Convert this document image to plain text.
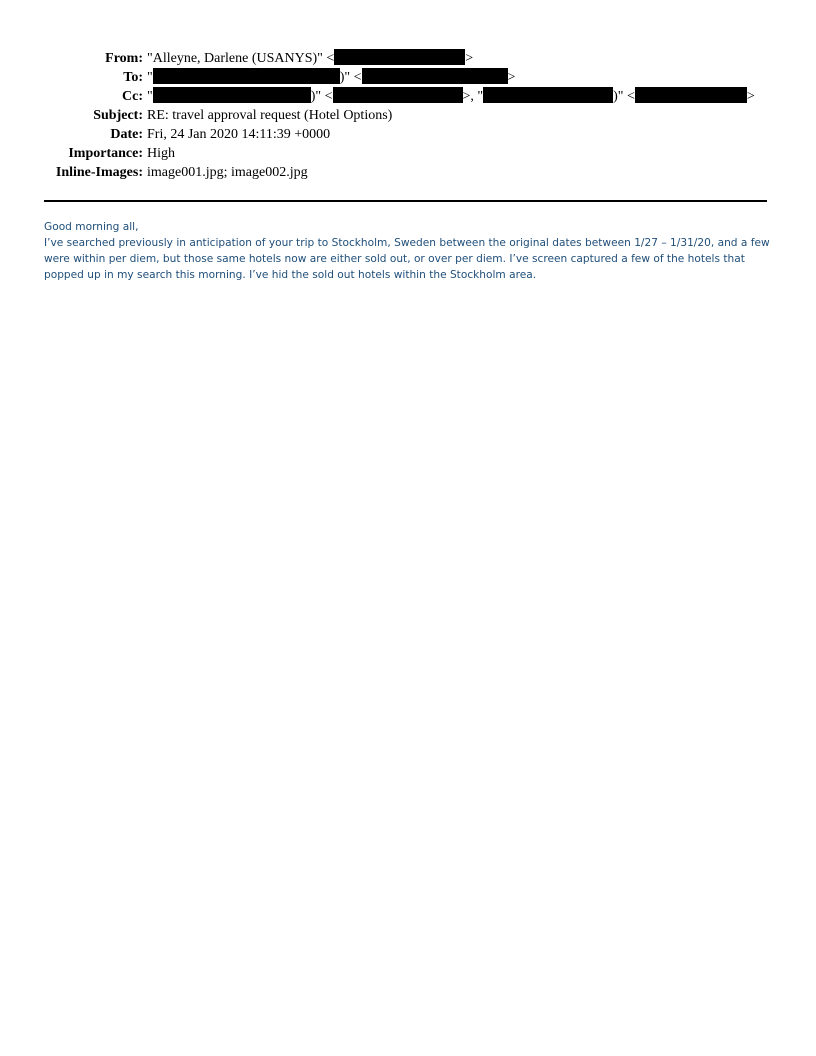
From: "Alleyne, Darlene (USANYS)" <	>
To: "	)" <	>
Cc: "	)" <	>, "	)" <	>
Subject: RE: travel approval request (Hotel Options)
Date: Fri, 24 Jan 2020 14:11:39 +0000
Importance: High
Inline-Images: image001.jpg; image002.jpg

Good morning all,

I’ve searched previously in anticipation of your trip to Stockholm, Sweden between the original dates between 1/27 – 1/31/20, and a few were within per diem, but those same hotels now are either sold out, or over per diem. I’ve screen captured a few of the hotels that popped up in my search this morning. I’ve hid the sold out hotels within the Stockholm area.
